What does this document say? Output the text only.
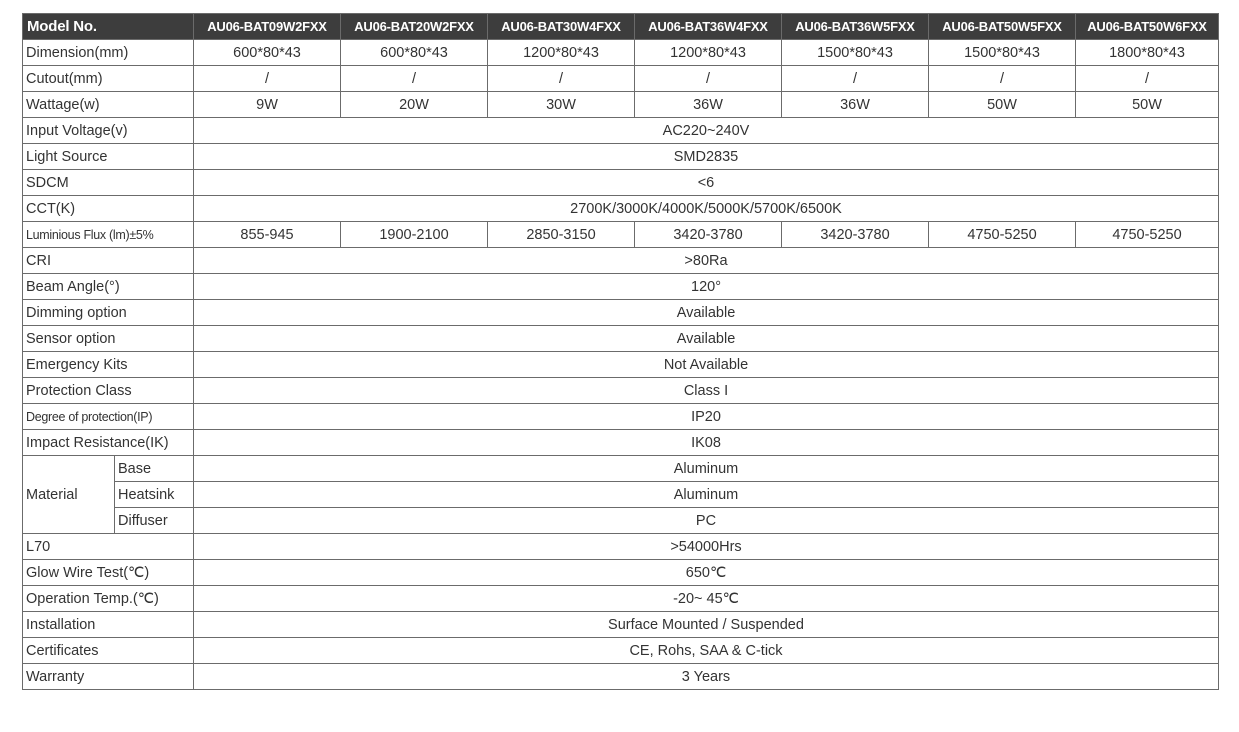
Model No.		AU06-BAT09W2FXX	AU06-BAT20W2FXX	AU06-BAT30W4FXX	AU06-BAT36W4FXX	AU06-BAT36W5FXX	AU06-BAT50W5FXX	AU06-BAT50W6FXX
Dimension(mm)		600*80*43	600*80*43	1200*80*43	1200*80*43	1500*80*43	1500*80*43	1800*80*43
Cutout(mm)		/	/	/	/	/	/	/
Wattage(w)		9W	20W	30W	36W	36W	50W	50W
Input Voltage(v)		AC220~240V						
Light Source		SMD2835						
SDCM		<6						
CCT(K)		2700K/3000K/4000K/5000K/5700K/6500K						
Luminious Flux (lm)±5%		855-945	1900-2100	2850-3150	3420-3780	3420-3780	4750-5250	4750-5250
CRI		>80Ra						
Beam Angle(°)		120°						
Dimming option		Available						
Sensor option		Available						
Emergency Kits		Not Available						
Protection Class		Class I						
Degree of protection(IP)		IP20						
Impact Resistance(IK)		IK08						
Material	Base	Aluminum						
	Heatsink	Aluminum						
	Diffuser	PC						
L70		>54000Hrs						
Glow Wire Test(℃)		650℃						
Operation Temp.(℃)		-20~ 45℃						
Installation		Surface Mounted / Suspended						
Certificates		CE, Rohs, SAA & C-tick						
Warranty		3 Years						
